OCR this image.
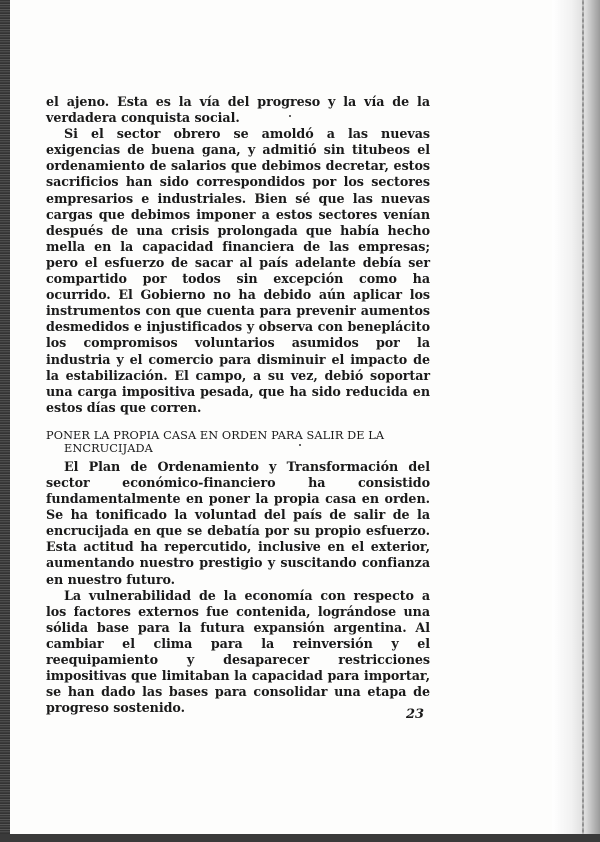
el ajeno. Esta es la vía del progreso y la vía de la verdadera conquista social.

Si el sector obrero se amoldó a las nuevas exigencias de buena gana, y admitió sin titubeos el ordenamiento de salarios que debimos decretar, estos sacrificios han sido correspondidos por los sectores empresarios e industriales. Bien sé que las nuevas cargas que debimos imponer a estos sectores venían después de una crisis prolongada que había hecho mella en la capacidad financiera de las empresas; pero el esfuerzo de sacar al país adelante debía ser compartido por todos sin excepción como ha ocurrido. El Gobierno no ha debido aún aplicar los instrumentos con que cuenta para prevenir aumentos desmedidos e injustificados y observa con beneplácito los compromisos voluntarios asumidos por la industria y el comercio para disminuir el impacto de la estabilización. El campo, a su vez, debió soportar una carga impositiva pesada, que ha sido reducida en estos días que corren.

PONER LA PROPIA CASA EN ORDEN PARA SALIR DE LA ENCRUCIJADA

El Plan de Ordenamiento y Transformación del sector económico-financiero ha consistido fundamentalmente en poner la propia casa en orden. Se ha tonificado la voluntad del país de salir de la encrucijada en que se debatía por su propio esfuerzo. Esta actitud ha repercutido, inclusive en el exterior, aumentando nuestro prestigio y suscitando confianza en nuestro futuro.

La vulnerabilidad de la economía con respecto a los factores externos fue contenida, lográndose una sólida base para la futura expansión argentina. Al cambiar el clima para la reinversión y el reequipamiento y desaparecer restricciones impositivas que limitaban la capacidad para importar, se han dado las bases para consolidar una etapa de progreso sostenido.	23
